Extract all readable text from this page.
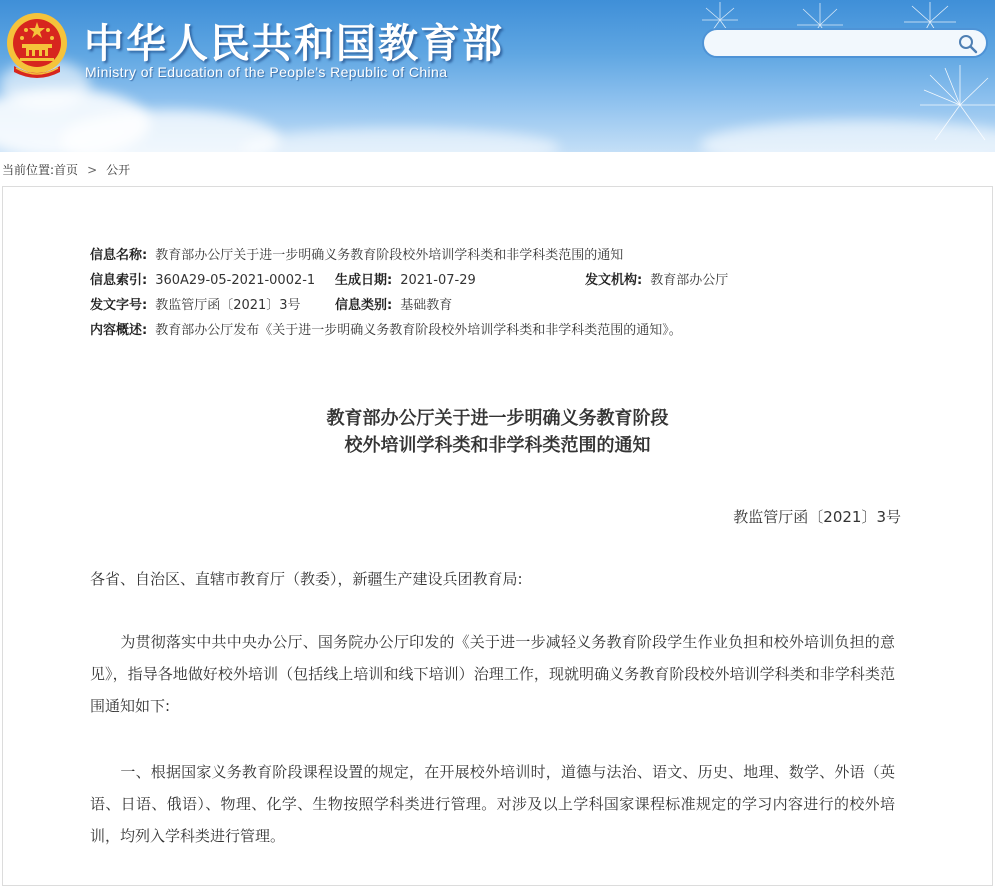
中华人民共和国教育部
Ministry of Education of the People's Republic of China
当前位置:首页 > 公开
信息名称: 教育部办公厅关于进一步明确义务教育阶段校外培训学科类和非学科类范围的通知
信息索引: 360A29-05-2021-0002-1 生成日期: 2021-07-29	发文机构: 教育部办公厅
发文字号: 教监管厅函〔2021〕3号	信息类别: 基础教育
内容概述: 教育部办公厅发布《关于进一步明确义务教育阶段校外培训学科类和非学科类范围的通知》。
教育部办公厅关于进一步明确义务教育阶段
校外培训学科类和非学科类范围的通知
教监管厅函〔2021〕3号
各省、自治区、直辖市教育厅（教委），新疆生产建设兵团教育局:
　　为贯彻落实中共中央办公厅、国务院办公厅印发的《关于进一步减轻义务教育阶段学生作业负担和校外培训负担的意见》，指导各地做好校外培训（包括线上培训和线下培训）治理工作，现就明确义务教育阶段校外培训学科类和非学科类范围通知如下:
　　一、根据国家义务教育阶段课程设置的规定，在开展校外培训时，道德与法治、语文、历史、地理、数学、外语（英语、日语、俄语）、物理、化学、生物按照学科类进行管理。对涉及以上学科国家课程标准规定的学习内容进行的校外培训，均列入学科类进行管理。
